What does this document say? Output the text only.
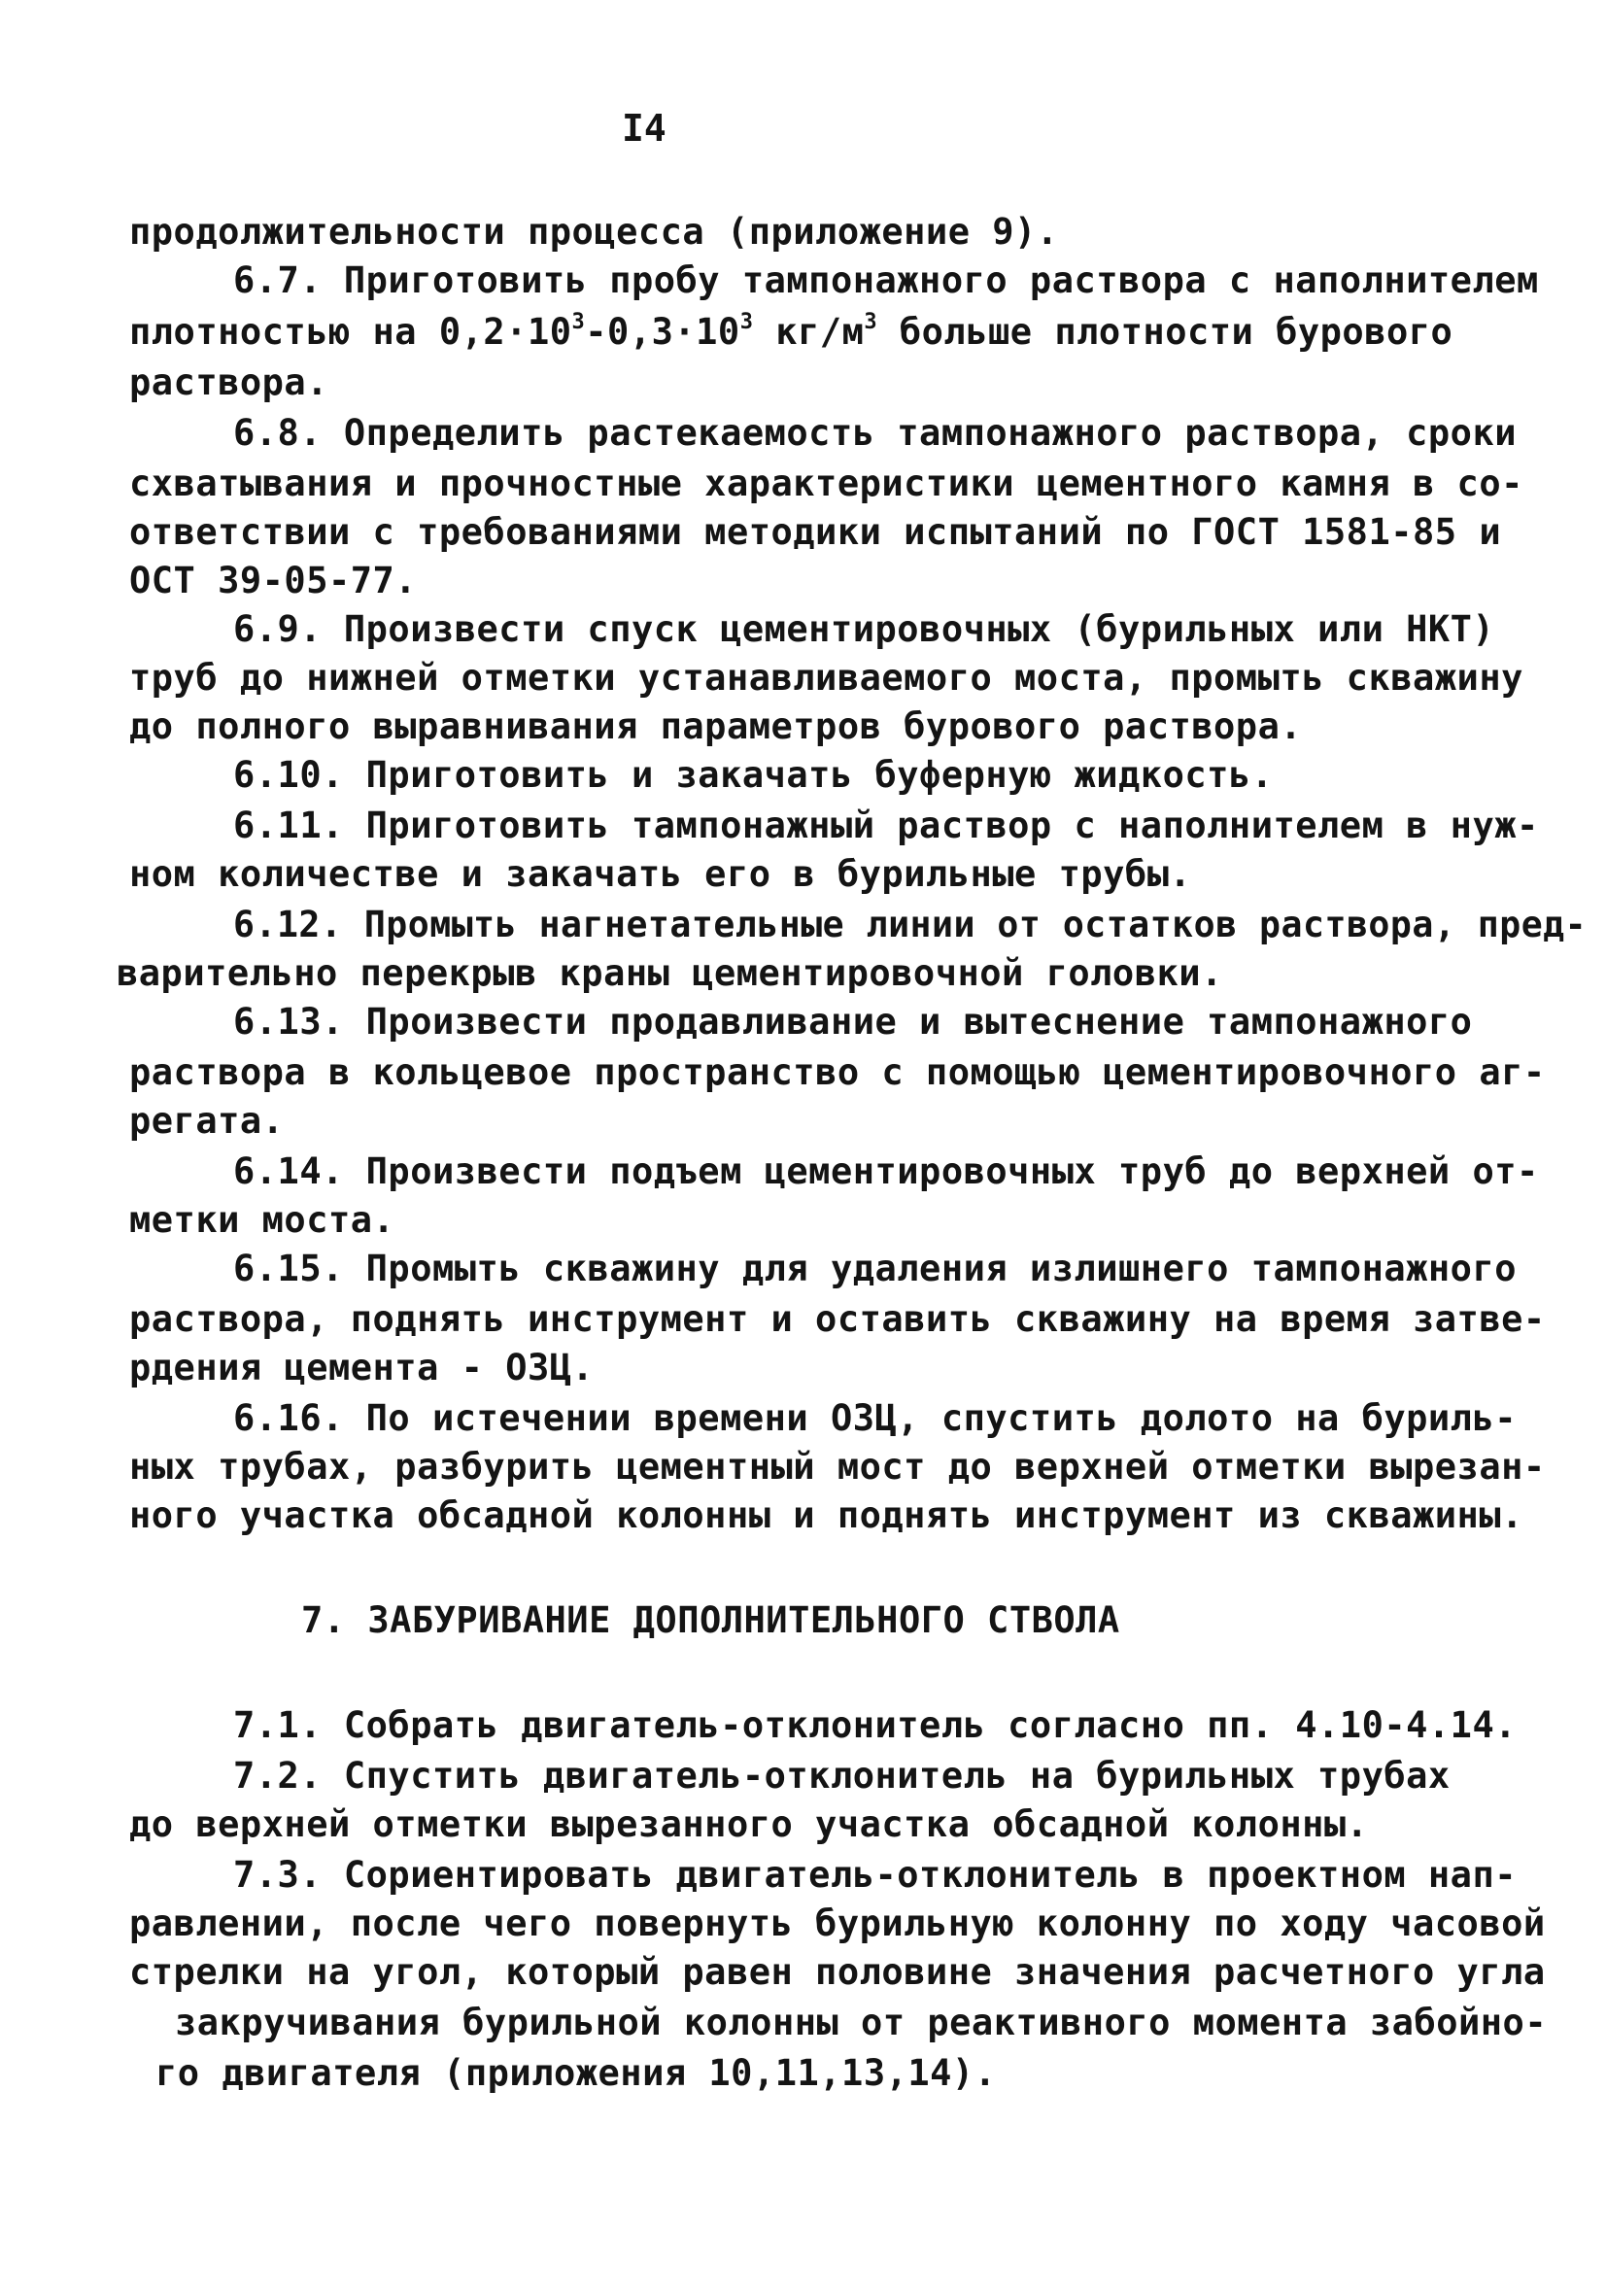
I4
продолжительности процесса (приложение 9).
6.7. Приготовить пробу тампонажного раствора с наполнителем
плотностью на $0,2\cdot 10^3-0,3\cdot 10^3$ $кг/м^3$ больше плотности бурового
раствора.
6.8. Определить растекаемость тампонажного раствора, сроки
схватывания и прочностные характеристики цементного камня в со-
ответствии с требованиями методики испытаний по ГОСТ 1581-85 и
ОСТ 39-05-77.
6.9. Произвести спуск цементировочных (бурильных или НКТ)
труб до нижней отметки устанавливаемого моста, промыть скважину
до полного выравнивания параметров бурового раствора.
6.10. Приготовить и закачать буферную жидкость.
6.11. Приготовить тампонажный раствор с наполнителем в нуж-
ном количестве и закачать его в бурильные трубы.
6.12. Промыть нагнетательные линии от остатков раствора, пред-
варительно перекрыв краны цементировочной головки.
6.13. Произвести продавливание и вытеснение тампонажного
раствора в кольцевое пространство с помощью цементировочного аг-
регата.
6.14. Произвести подъем цементировочных труб до верхней от-
метки моста.
6.15. Промыть скважину для удаления излишнего тампонажного
раствора, поднять инструмент и оставить скважину на время затве-
рдения цемента - ОЗЦ.
6.16. По истечении времени ОЗЦ, спустить долото на буриль-
ных трубах, разбурить цементный мост до верхней отметки вырезан-
ного участка обсадной колонны и поднять инструмент из скважины.
7. ЗАБУРИВАНИЕ ДОПОЛНИТЕЛЬНОГО СТВОЛА
7.1. Собрать двигатель-отклонитель согласно пп. 4.10-4.14.
7.2. Спустить двигатель-отклонитель на бурильных трубах
до верхней отметки вырезанного участка обсадной колонны.
7.3. Сориентировать двигатель-отклонитель в проектном нап-
равлении, после чего повернуть бурильную колонну по ходу часовой
стрелки на угол, который равен половине значения расчетного угла
закручивания бурильной колонны от реактивного момента забойно-
го двигателя (приложения 10,11,13,14).
